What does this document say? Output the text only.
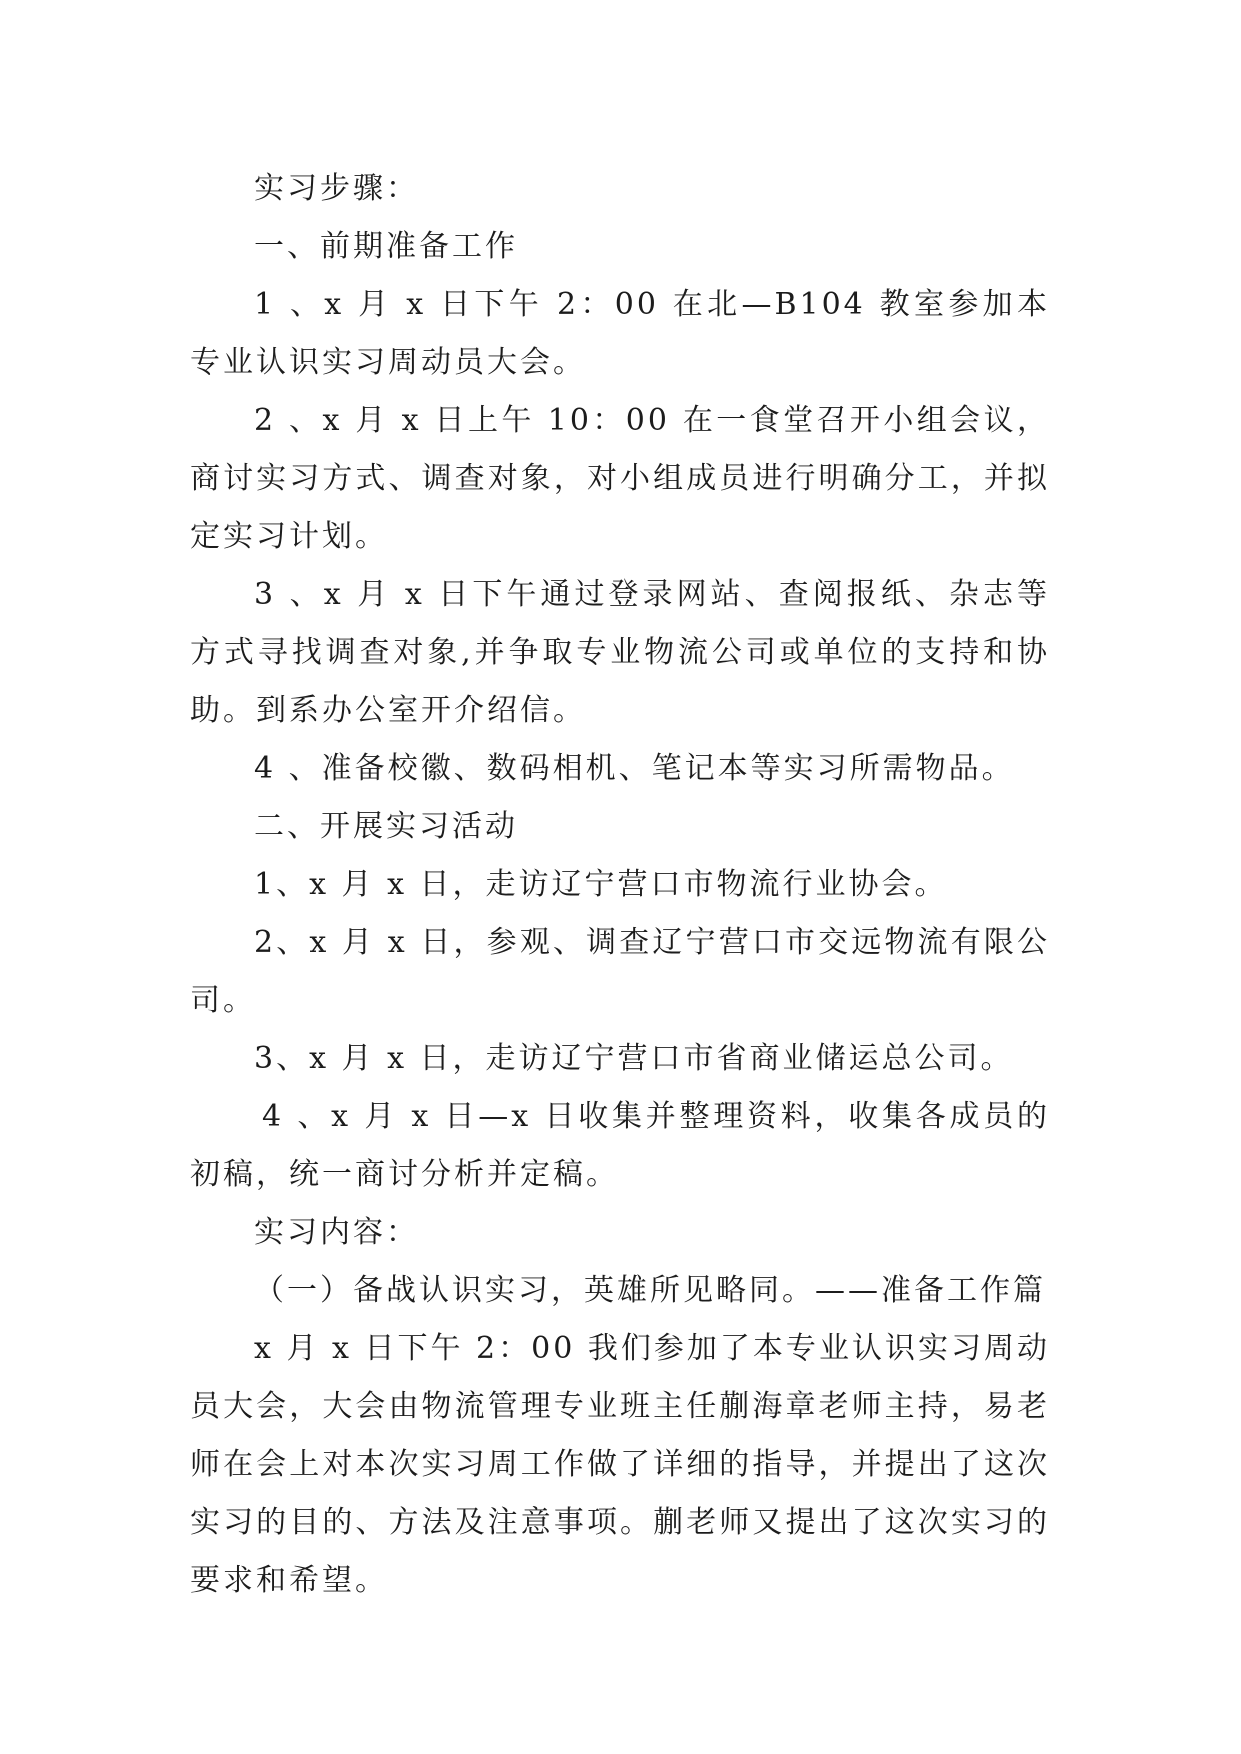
实习步骤：

一、前期准备工作

1 、x 月 x 日下午 2：00 在北—B104 教室参加本专业认识实习周动员大会。

2 、x 月 x 日上午 10：00 在一食堂召开小组会议，商讨实习方式、调查对象，对小组成员进行明确分工，并拟定实习计划。

3 、x 月 x 日下午通过登录网站、查阅报纸、杂志等方式寻找调查对象,并争取专业物流公司或单位的支持和协助。到系办公室开介绍信。

4 、准备校徽、数码相机、笔记本等实习所需物品。

二、开展实习活动

1、x 月 x 日，走访辽宁营口市物流行业协会。

2、x 月 x 日，参观、调查辽宁营口市交远物流有限公司。

3、x 月 x 日，走访辽宁营口市省商业储运总公司。

4 、x 月 x 日—x 日收集并整理资料，收集各成员的初稿，统一商讨分析并定稿。

实习内容：

（一）备战认识实习，英雄所见略同。——准备工作篇

x 月 x 日下午 2：00 我们参加了本专业认识实习周动员大会，大会由物流管理专业班主任蒯海章老师主持，易老师在会上对本次实习周工作做了详细的指导，并提出了这次实习的目的、方法及注意事项。蒯老师又提出了这次实习的要求和希望。
